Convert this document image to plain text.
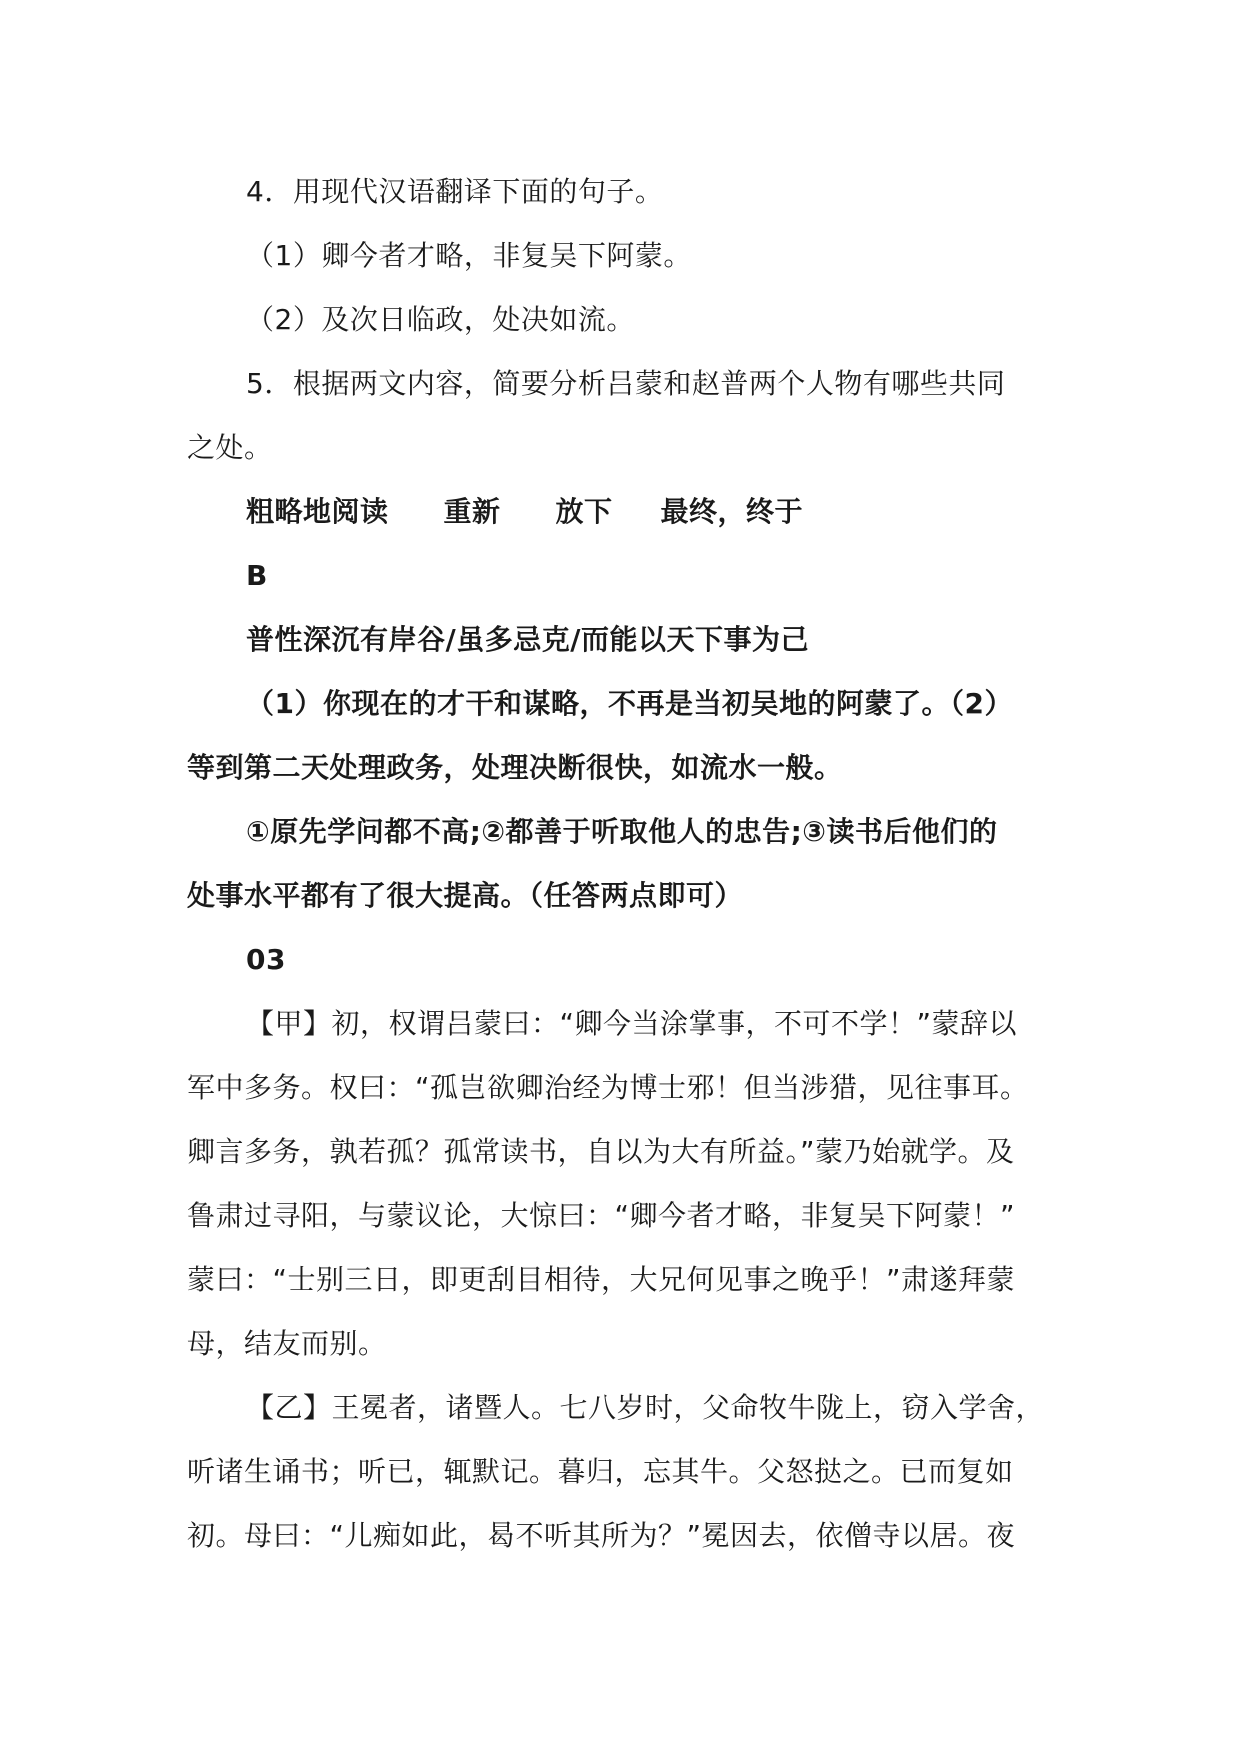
4．用现代汉语翻译下面的句子。
（1）卿今者才略，非复吴下阿蒙。
（2）及次日临政，处决如流。
5．根据两文内容，简要分析吕蒙和赵普两个人物有哪些共同
之处。
粗略地阅读 重新 放下 最终，终于
B
普性深沉有岸谷/虽多忌克/而能以天下事为己
（1）你现在的才干和谋略，不再是当初吴地的阿蒙了。（2）
等到第二天处理政务，处理决断很快，如流水一般。
①原先学问都不高;②都善于听取他人的忠告;③读书后他们的
处事水平都有了很大提高。（任答两点即可）
03
【甲】初，权谓吕蒙曰：“卿今当涂掌事，不可不学！”蒙辞以
军中多务。权曰：“孤岂欲卿治经为博士邪！但当涉猎，见往事耳。
卿言多务，孰若孤？孤常读书，自以为大有所益。”蒙乃始就学。及
鲁肃过寻阳，与蒙议论，大惊曰：“卿今者才略，非复吴下阿蒙！”
蒙曰：“士别三日，即更刮目相待，大兄何见事之晚乎！”肃遂拜蒙
母，结友而别。
【乙】王冕者，诸暨人。七八岁时，父命牧牛陇上，窃入学舍，
听诸生诵书；听已，辄默记。暮归，忘其牛。父怒挞之。已而复如
初。母曰：“儿痴如此，曷不听其所为？”冕因去，依僧寺以居。夜
